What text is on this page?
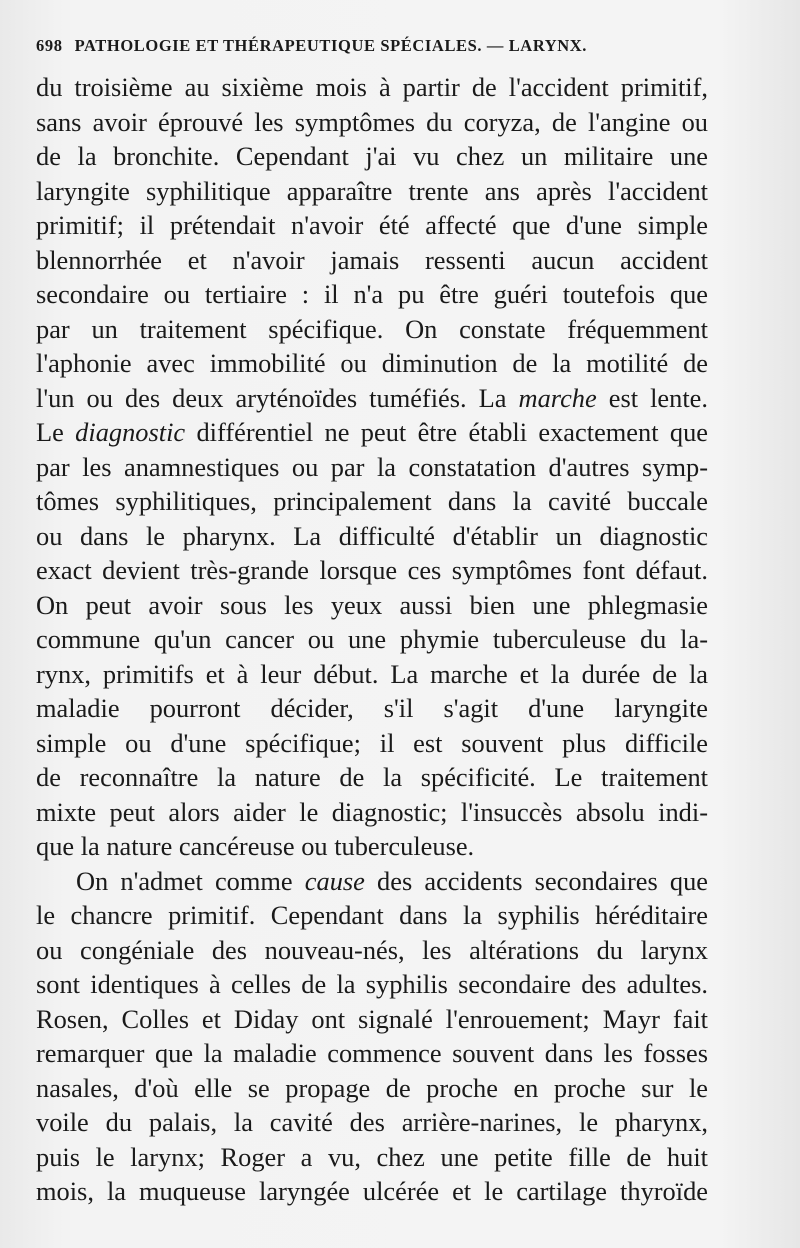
698 PATHOLOGIE ET THÉRAPEUTIQUE SPÉCIALES. — LARYNX.
du troisième au sixième mois à partir de l'accident primitif,
sans avoir éprouvé les symptômes du coryza, de l'angine ou
de la bronchite. Cependant j'ai vu chez un militaire une
laryngite syphilitique apparaître trente ans après l'accident
primitif; il prétendait n'avoir été affecté que d'une simple
blennorrhée et n'avoir jamais ressenti aucun accident
secondaire ou tertiaire : il n'a pu être guéri toutefois que
par un traitement spécifique. On constate fréquemment
l'aphonie avec immobilité ou diminution de la motilité de
l'un ou des deux aryténoïdes tuméfiés. La marche est lente.
Le diagnostic différentiel ne peut être établi exactement que
par les anamnestiques ou par la constatation d'autres symp-
tômes syphilitiques, principalement dans la cavité buccale
ou dans le pharynx. La difficulté d'établir un diagnostic
exact devient très-grande lorsque ces symptômes font défaut.
On peut avoir sous les yeux aussi bien une phlegmasie
commune qu'un cancer ou une phymie tuberculeuse du la-
rynx, primitifs et à leur début. La marche et la durée de la
maladie pourront décider, s'il s'agit d'une laryngite
simple ou d'une spécifique; il est souvent plus difficile
de reconnaître la nature de la spécificité. Le traitement
mixte peut alors aider le diagnostic; l'insuccès absolu indi-
que la nature cancéreuse ou tuberculeuse.
On n'admet comme cause des accidents secondaires que
le chancre primitif. Cependant dans la syphilis héréditaire
ou congéniale des nouveau-nés, les altérations du larynx
sont identiques à celles de la syphilis secondaire des adultes.
Rosen, Colles et Diday ont signalé l'enrouement; Mayr fait
remarquer que la maladie commence souvent dans les fosses
nasales, d'où elle se propage de proche en proche sur le
voile du palais, la cavité des arrière-narines, le pharynx,
puis le larynx; Roger a vu, chez une petite fille de huit
mois, la muqueuse laryngée ulcérée et le cartilage thyroïde
